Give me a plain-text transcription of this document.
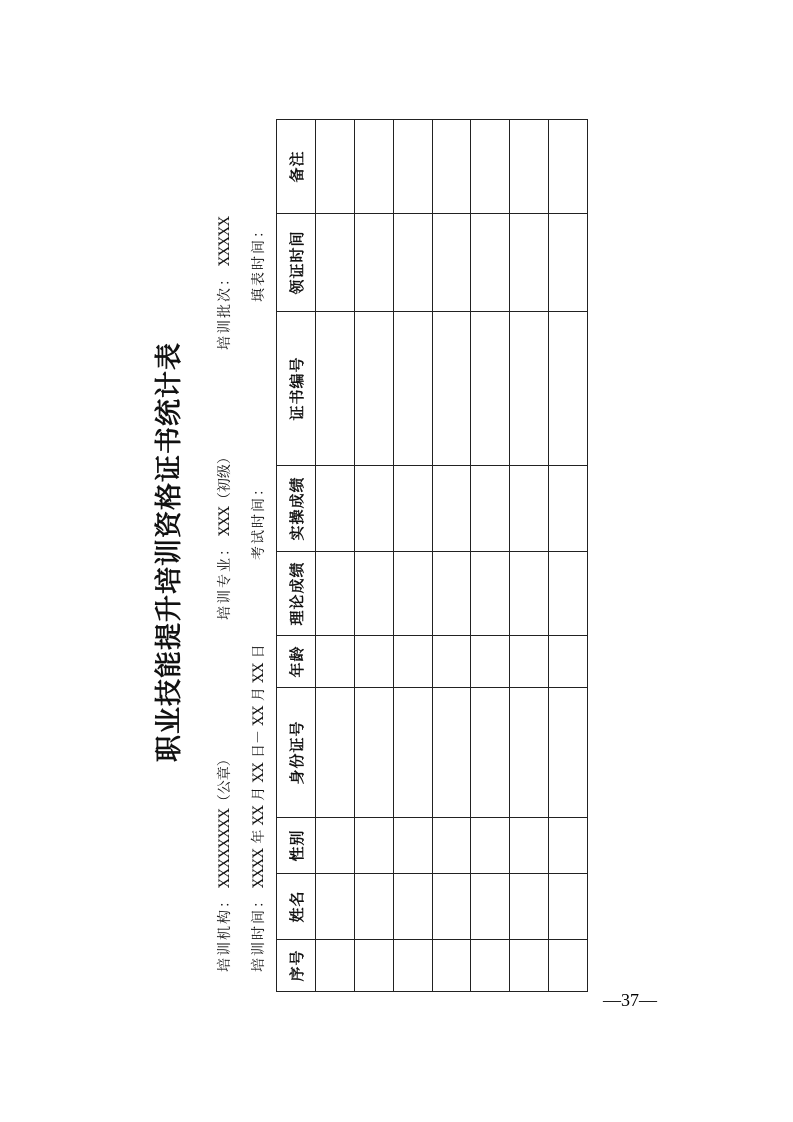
职业技能提升培训资格证书统计表
培训机构：XXXXXXXX（公章）
培训专业：XXX（初级）
培训批次：XXXXX
培训时间：XXXX 年 XX 月 XX 日－ XX 月 XX 日
考试时间：
填表时间：
序号	姓名	性别	身份证号	年龄	理论成绩	实操成绩	证书编号	领证时间	备注

—37—
